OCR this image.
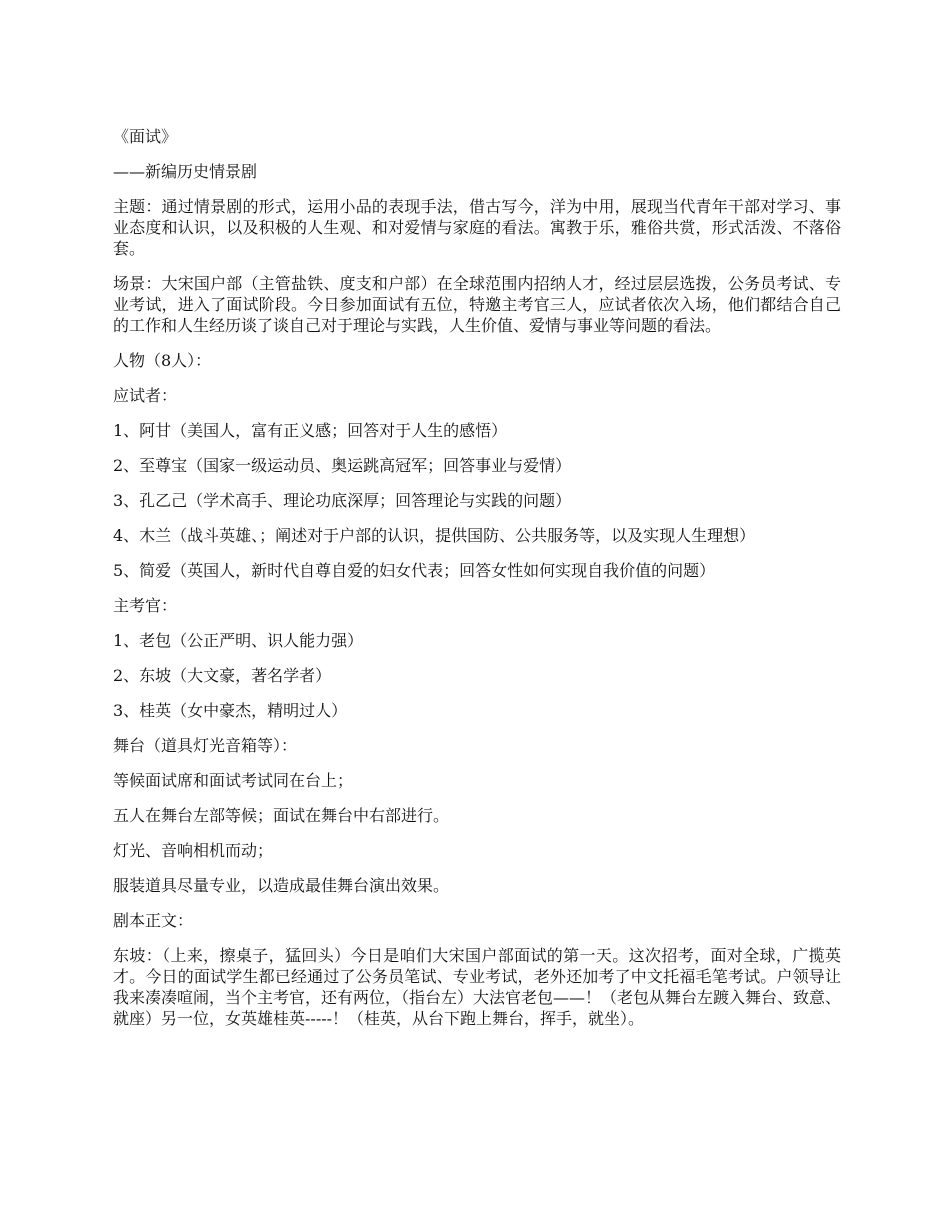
《面试》

——新编历史情景剧

主题：通过情景剧的形式，运用小品的表现手法，借古写今，洋为中用，展现当代青年干部对学习、事业态度和认识，以及积极的人生观、和对爱情与家庭的看法。寓教于乐，雅俗共赏，形式活泼、不落俗套。

场景：大宋国户部（主管盐铁、度支和户部）在全球范围内招纳人才，经过层层选拨，公务员考试、专业考试，进入了面试阶段。今日参加面试有五位，特邀主考官三人，应试者依次入场，他们都结合自己的工作和人生经历谈了谈自己对于理论与实践，人生价值、爱情与事业等问题的看法。

人物（8人）：

应试者：

1、阿甘（美国人，富有正义感；回答对于人生的感悟）

2、至尊宝（国家一级运动员、奥运跳高冠军；回答事业与爱情）

3、孔乙己（学术高手、理论功底深厚；回答理论与实践的问题）

4、木兰（战斗英雄、；阐述对于户部的认识，提供国防、公共服务等，以及实现人生理想）

5、简爱（英国人，新时代自尊自爱的妇女代表；回答女性如何实现自我价值的问题）

主考官：

1、老包（公正严明、识人能力强）

2、东坡（大文豪，著名学者）

3、桂英（女中豪杰，精明过人）

舞台（道具灯光音箱等）：

等候面试席和面试考试同在台上；

五人在舞台左部等候；面试在舞台中右部进行。

灯光、音响相机而动；

服装道具尽量专业，以造成最佳舞台演出效果。

剧本正文：

东坡：（上来，擦桌子，猛回头）今日是咱们大宋国户部面试的第一天。这次招考，面对全球，广揽英才。今日的面试学生都已经通过了公务员笔试、专业考试，老外还加考了中文托福毛笔考试。户领导让我来凑凑喧闹，当个主考官，还有两位，（指台左）大法官老包——！（老包从舞台左踱入舞台、致意、就座）另一位，女英雄桂英-----！（桂英，从台下跑上舞台，挥手，就坐）。
